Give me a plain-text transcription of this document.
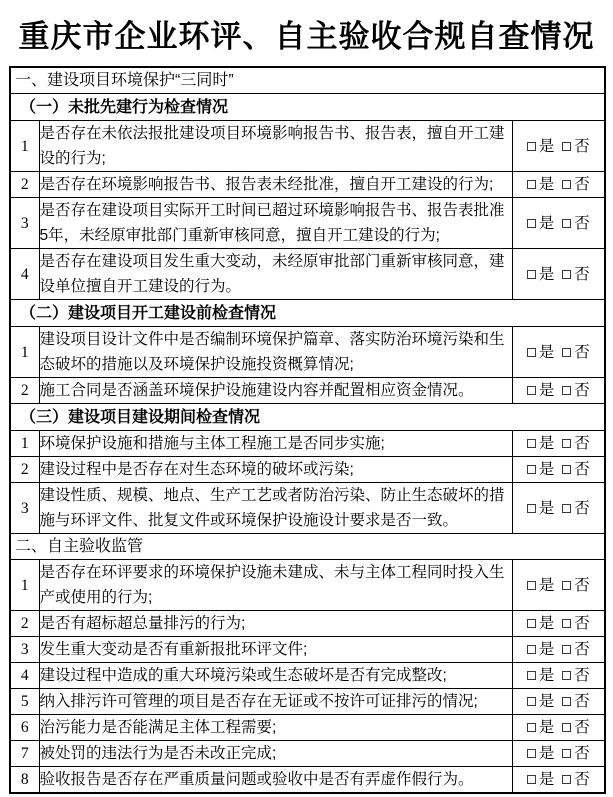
重庆市企业环评、自主验收合规自查情况
一、建设项目环境保护“三同时”		
（一）未批先建行为检查情况		
1	是否存在未依法报批建设项目环境影响报告书、报告表，擅自开工建设的行为;	是 否
2	是否存在环境影响报告书、报告表未经批准，擅自开工建设的行为;	是 否
3	是否存在建设项目实际开工时间已超过环境影响报告书、报告表批准5年，未经原审批部门重新审核同意，擅自开工建设的行为;	是 否
4	是否存在建设项目发生重大变动，未经原审批部门重新审核同意，建设单位擅自开工建设的行为。	是 否
（二）建设项目开工建设前检查情况		
1	建设项目设计文件中是否编制环境保护篇章、落实防治环境污染和生态破坏的措施以及环境保护设施投资概算情况;	是 否
2	施工合同是否涵盖环境保护设施建设内容并配置相应资金情况。	是 否
（三）建设项目建设期间检查情况		
1	环境保护设施和措施与主体工程施工是否同步实施;	是 否
2	建设过程中是否存在对生态环境的破坏或污染;	是 否
3	建设性质、规模、地点、生产工艺或者防治污染、防止生态破坏的措施与环评文件、批复文件或环境保护设施设计要求是否一致。	是 否
二、自主验收监管		
1	是否存在环评要求的环境保护设施未建成、未与主体工程同时投入生产或使用的行为;	是 否
2	是否有超标超总量排污的行为;	是 否
3	发生重大变动是否有重新报批环评文件;	是 否
4	建设过程中造成的重大环境污染或生态破坏是否有完成整改;	是 否
5	纳入排污许可管理的项目是否存在无证或不按许可证排污的情况;	是 否
6	治污能力是否能满足主体工程需要;	是 否
7	被处罚的违法行为是否未改正完成;	是 否
8	验收报告是否存在严重质量问题或验收中是否有弄虚作假行为。	是 否
